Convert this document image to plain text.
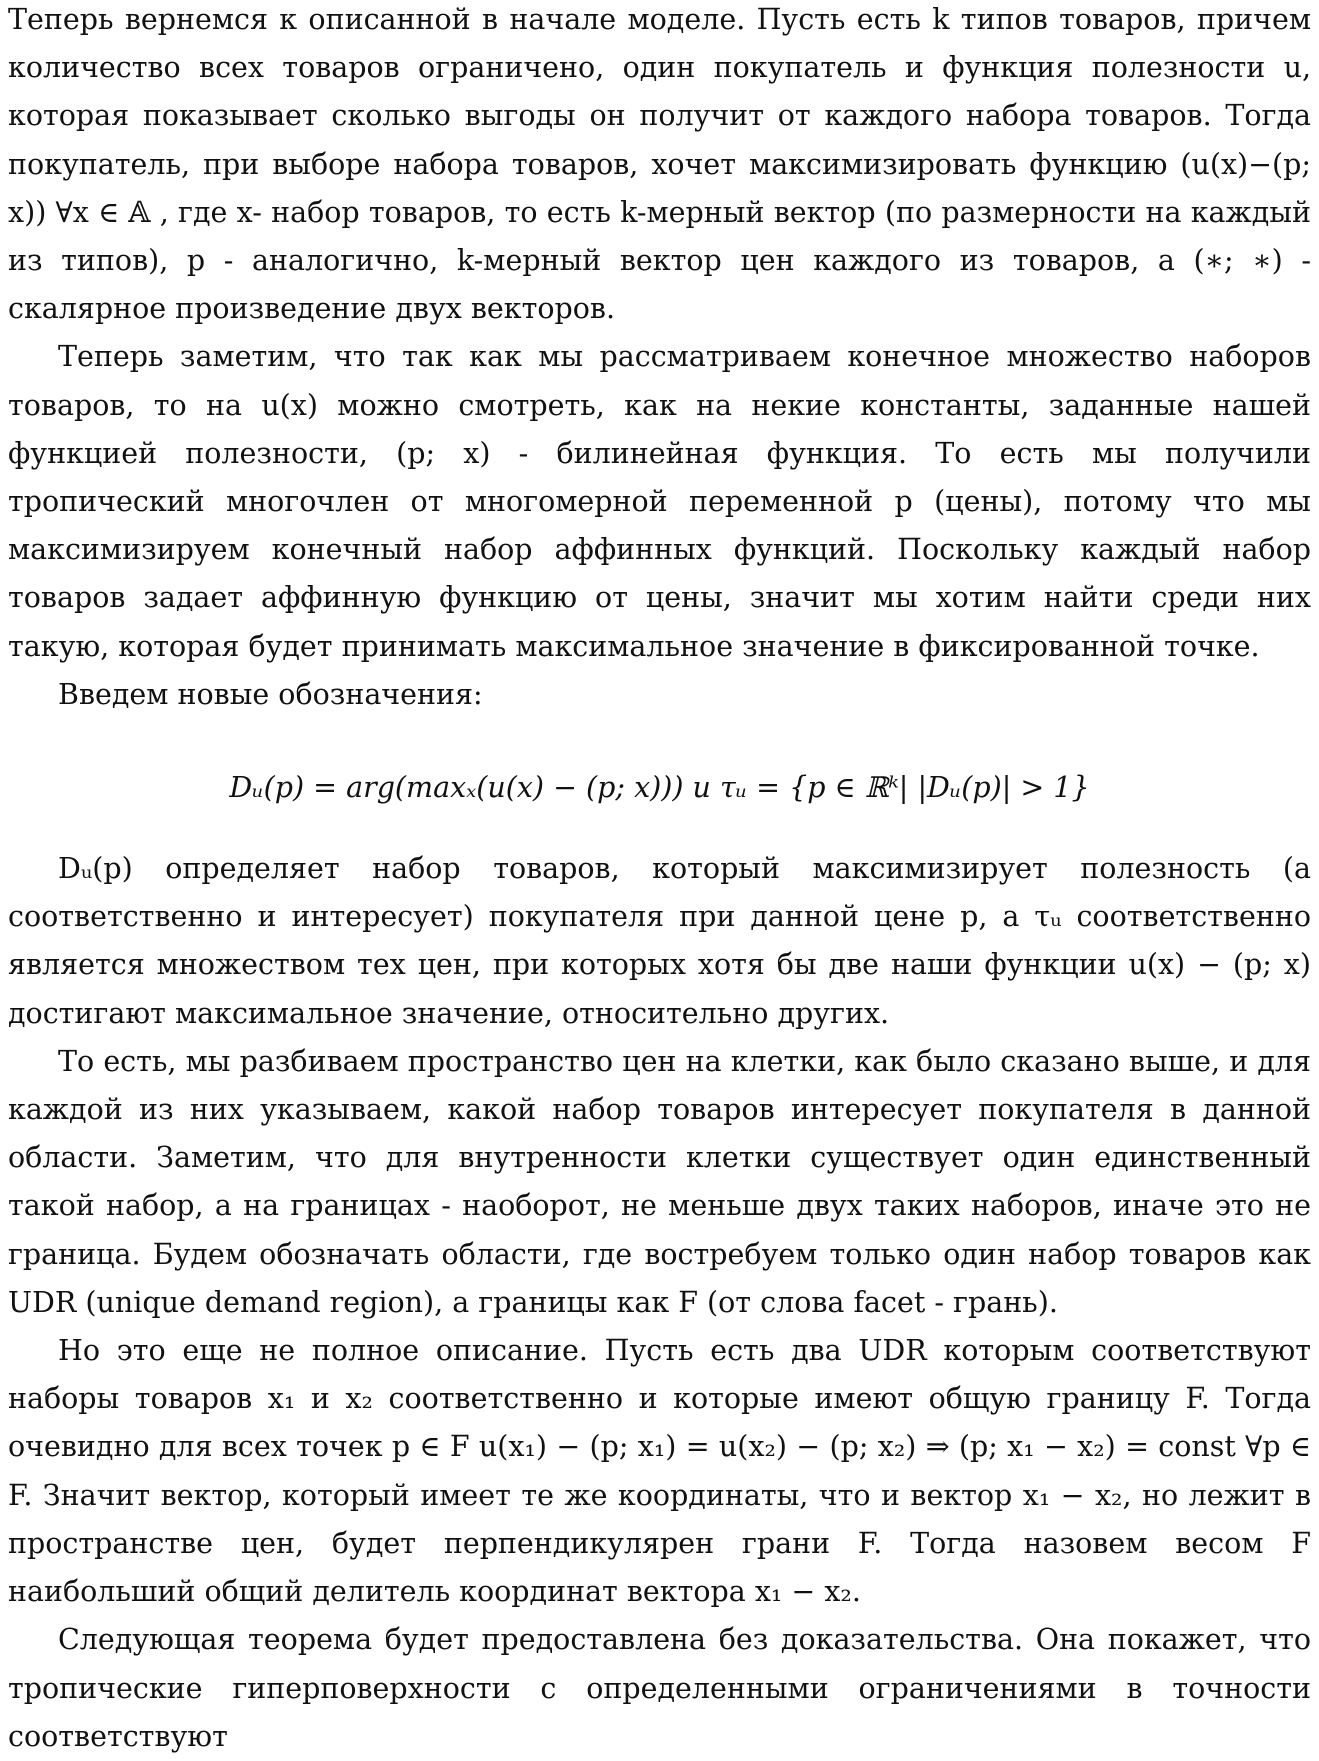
Теперь вернемся к описанной в начале моделе. Пусть есть k типов товаров, причем количество всех товаров ограничено, один покупатель и функция полезности u, которая показывает сколько выгоды он получит от каждого набора товаров. Тогда покупатель, при выборе набора товаров, хочет максимизировать функцию (u(x)−(p; x)) ∀x ∈ 𝔸 , где x- набор товаров, то есть k-мерный вектор (по размерности на каждый из типов), p - аналогично, k-мерный вектор цен каждого из товаров, а (∗; ∗) - скалярное произведение двух векторов.

Теперь заметим, что так как мы рассматриваем конечное множество наборов товаров, то на u(x) можно смотреть, как на некие константы, заданные нашей функцией полезности, (p; x) - билинейная функция. То есть мы получили тропический многочлен от многомерной переменной p (цены), потому что мы максимизируем конечный набор аффинных функций. Поскольку каждый набор товаров задает аффинную функцию от цены, значит мы хотим найти среди них такую, которая будет принимать максимальное значение в фиксированной точке.

Введем новые обозначения:

Dᵤ(p) = arg(maxₓ(u(x) − (p; x))) и τᵤ = {p ∈ ℝᵏ| |Dᵤ(p)| > 1}

Dᵤ(p) определяет набор товаров, который максимизирует полезность (а соответственно и интересует) покупателя при данной цене p, а τᵤ соответственно является множеством тех цен, при которых хотя бы две наши функции u(x) − (p; x) достигают максимальное значение, относительно других.

То есть, мы разбиваем пространство цен на клетки, как было сказано выше, и для каждой из них указываем, какой набор товаров интересует покупателя в данной области. Заметим, что для внутренности клетки существует один единственный такой набор, а на границах - наоборот, не меньше двух таких наборов, иначе это не граница. Будем обозначать области, где востребуем только один набор товаров как UDR (unique demand region), а границы как F (от слова facet - грань).

Но это еще не полное описание. Пусть есть два UDR которым соответствуют наборы товаров x₁ и x₂ соответственно и которые имеют общую границу F. Тогда очевидно для всех точек p ∈ F u(x₁) − (p; x₁) = u(x₂) − (p; x₂) ⇒ (p; x₁ − x₂) = const ∀p ∈ F. Значит вектор, который имеет те же координаты, что и вектор x₁ − x₂, но лежит в пространстве цен, будет перпендикулярен грани F. Тогда назовем весом F наибольший общий делитель координат вектора x₁ − x₂.

Следующая теорема будет предоставлена без доказательства. Она покажет, что тропические гиперповерхности с определенными ограничениями в точности соответствуют
